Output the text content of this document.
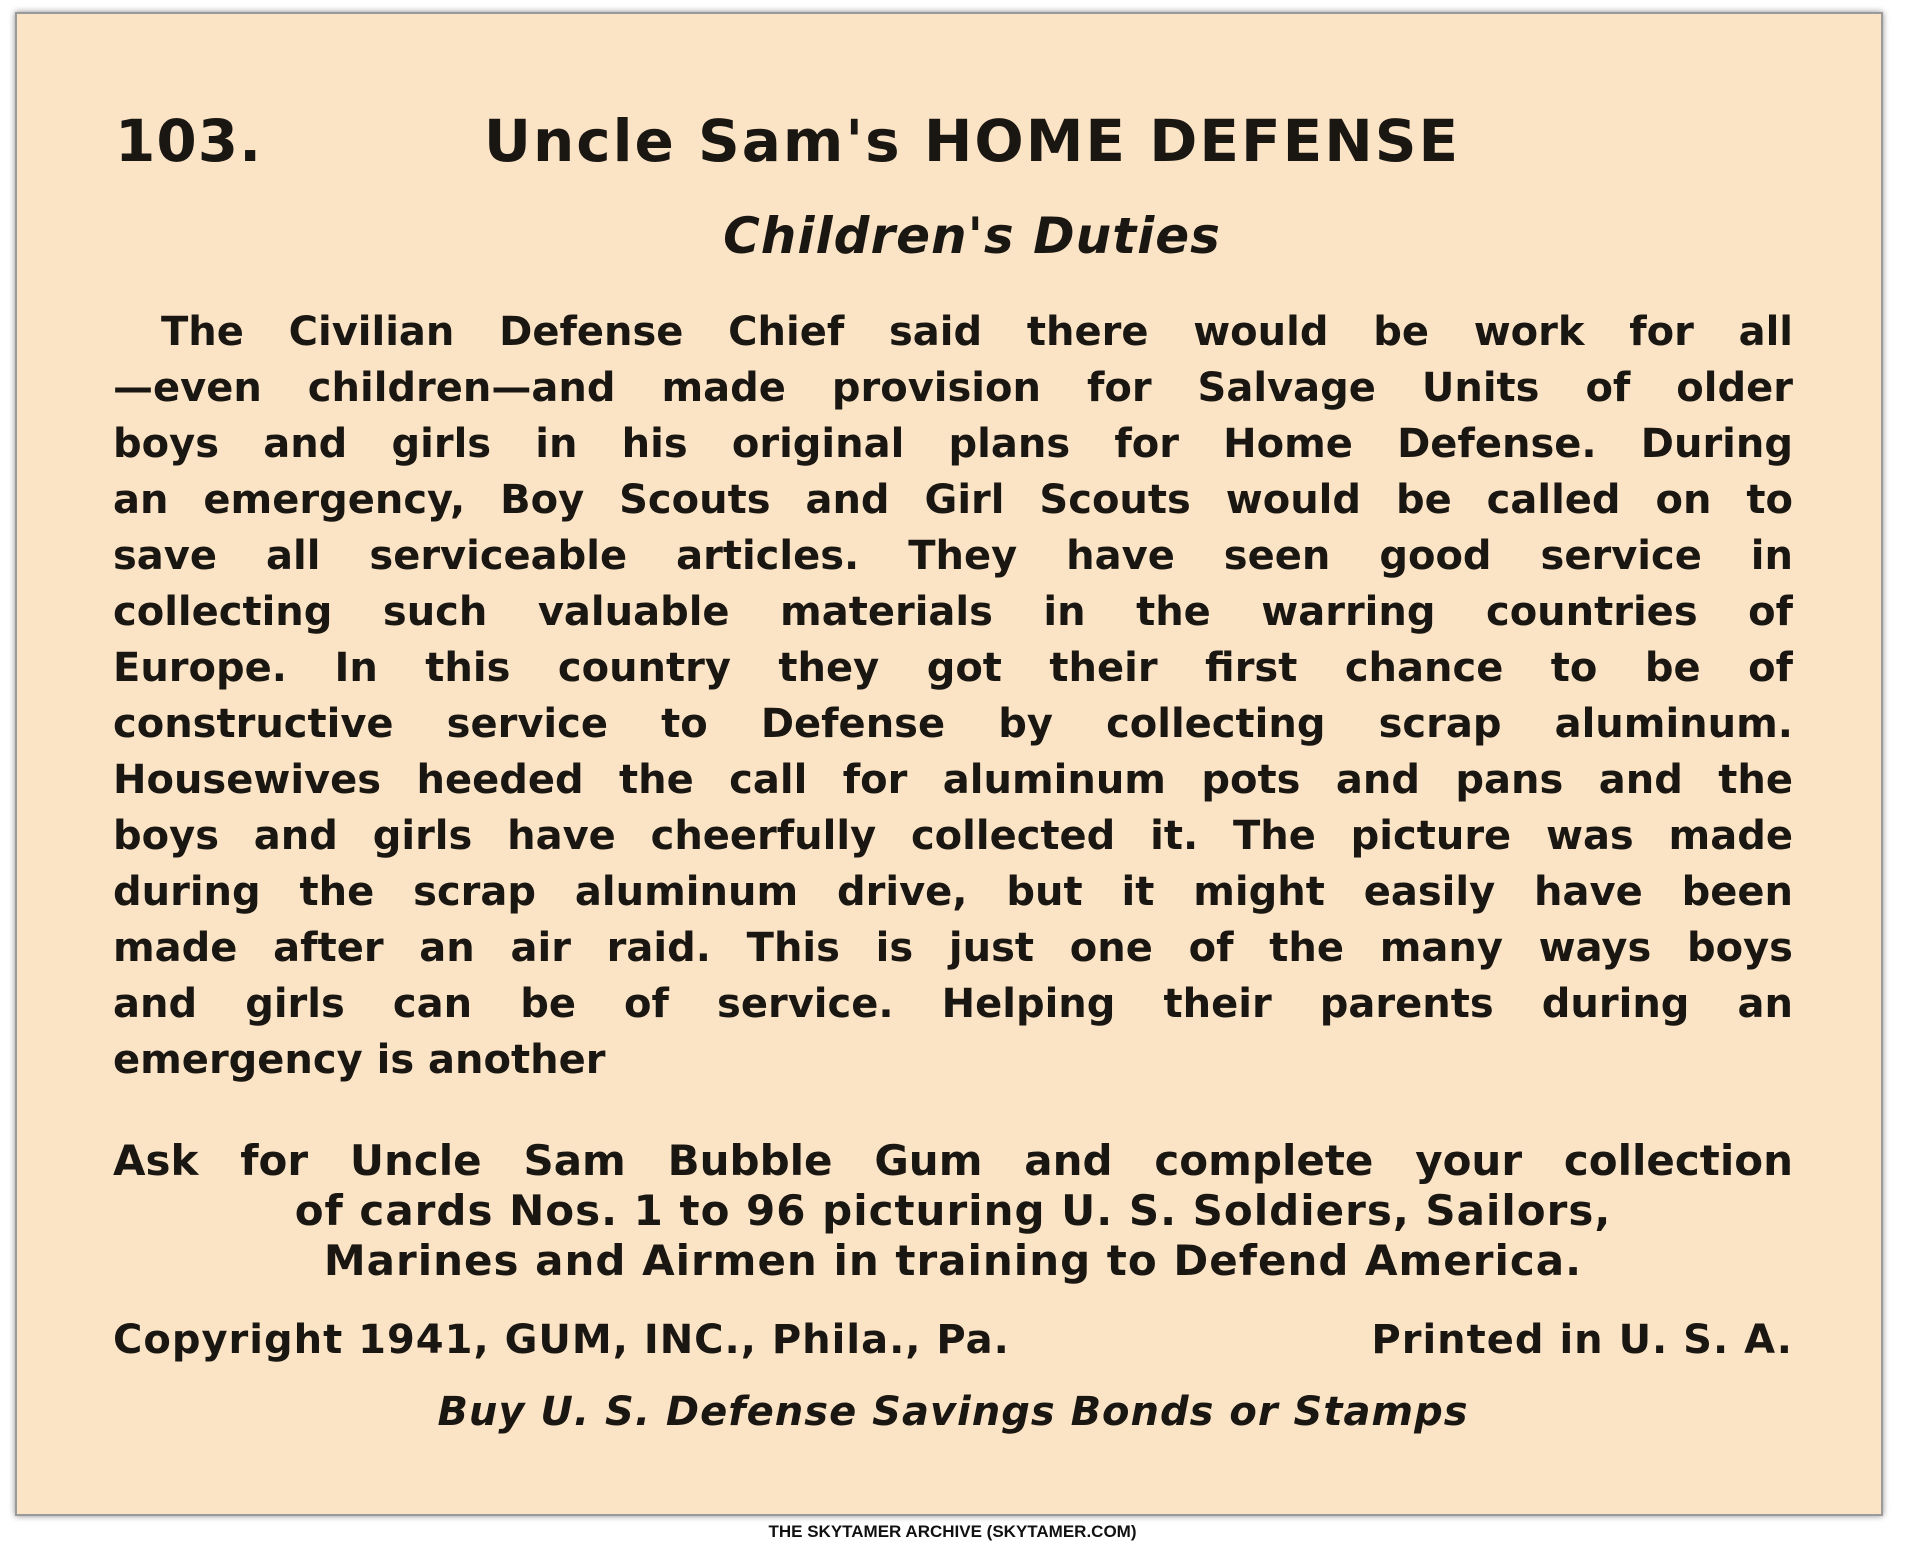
103.	Uncle Sam's HOME DEFENSE
Children's Duties
The Civilian Defense Chief said there would be work for all
—even children—and made provision for Salvage Units of older
boys and girls in his original plans for Home Defense. During
an emergency, Boy Scouts and Girl Scouts would be called on to
save all serviceable articles. They have seen good service in
collecting such valuable materials in the warring countries of
Europe. In this country they got their first chance to be of
constructive service to Defense by collecting scrap aluminum.
Housewives heeded the call for aluminum pots and pans and the
boys and girls have cheerfully collected it. The picture was made
during the scrap aluminum drive, but it might easily have been
made after an air raid. This is just one of the many ways boys
and girls can be of service. Helping their parents during an
emergency is another
Ask for Uncle Sam Bubble Gum and complete your collection
of cards Nos. 1 to 96 picturing U. S. Soldiers, Sailors,
Marines and Airmen in training to Defend America.
Copyright 1941, GUM, INC., Phila., Pa.	Printed in U. S. A.

Buy U. S. Defense Savings Bonds or Stamps

THE SKYTAMER ARCHIVE (SKYTAMER.COM)
